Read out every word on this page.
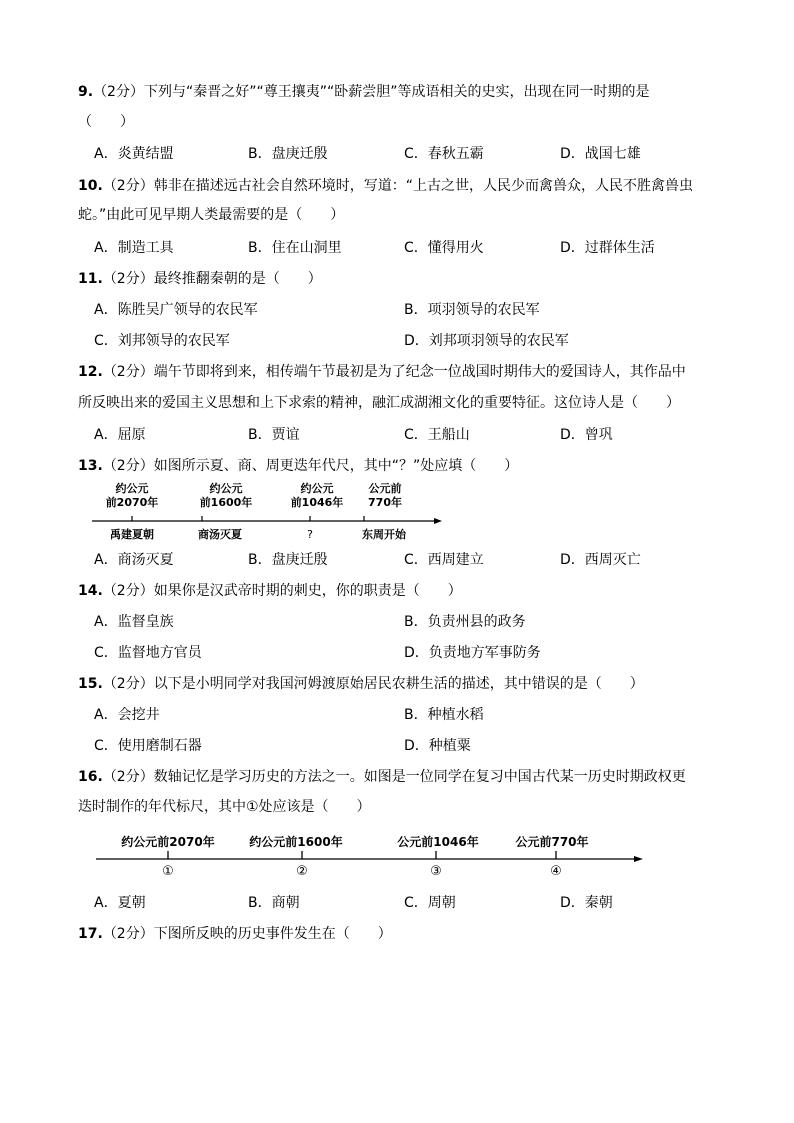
9.（2分）下列与“秦晋之好”“尊王攘夷”“卧薪尝胆”等成语相关的史实，出现在同一时期的是
（　　）
A．炎黄结盟	B．盘庚迁殷	C．春秋五霸	D．战国七雄
10.（2分）韩非在描述远古社会自然环境时，写道：“上古之世，人民少而禽兽众，人民不胜禽兽虫
蛇。”由此可见早期人类最需要的是（　　）
A．制造工具	B．住在山洞里	C．懂得用火	D．过群体生活
11.（2分）最终推翻秦朝的是（　　）
A．陈胜吴广领导的农民军	B．项羽领导的农民军
C．刘邦领导的农民军	D．刘邦项羽领导的农民军
12.（2分）端午节即将到来，相传端午节最初是为了纪念一位战国时期伟大的爱国诗人，其作品中
所反映出来的爱国主义思想和上下求索的精神，融汇成湖湘文化的重要特征。这位诗人是（　　）
A．屈原	B．贾谊	C．王船山	D．曾巩
13.（2分）如图所示夏、商、周更迭年代尺，其中“？”处应填（　　）
约公元
前2070年
约公元
前1600年
约公元
前1046年
公元前
770年
禹建夏朝	商汤灭夏	?	东周开始
A．商汤灭夏	B．盘庚迁殷	C．西周建立	D．西周灭亡
14.（2分）如果你是汉武帝时期的刺史，你的职责是（　　）
A．监督皇族	B．负责州县的政务
C．监督地方官员	D．负责地方军事防务
15.（2分）以下是小明同学对我国河姆渡原始居民农耕生活的描述，其中错误的是（　　）
A．会挖井	B．种植水稻
C．使用磨制石器	D．种植粟
16.（2分）数轴记忆是学习历史的方法之一。如图是一位同学在复习中国古代某一历史时期政权更
迭时制作的年代标尺，其中①处应该是（　　）
约公元前2070年	约公元前1600年	公元前1046年	公元前770年
①	②	③	④
A．夏朝	B．商朝	C．周朝	D．秦朝
17.（2分）下图所反映的历史事件发生在（　　）
